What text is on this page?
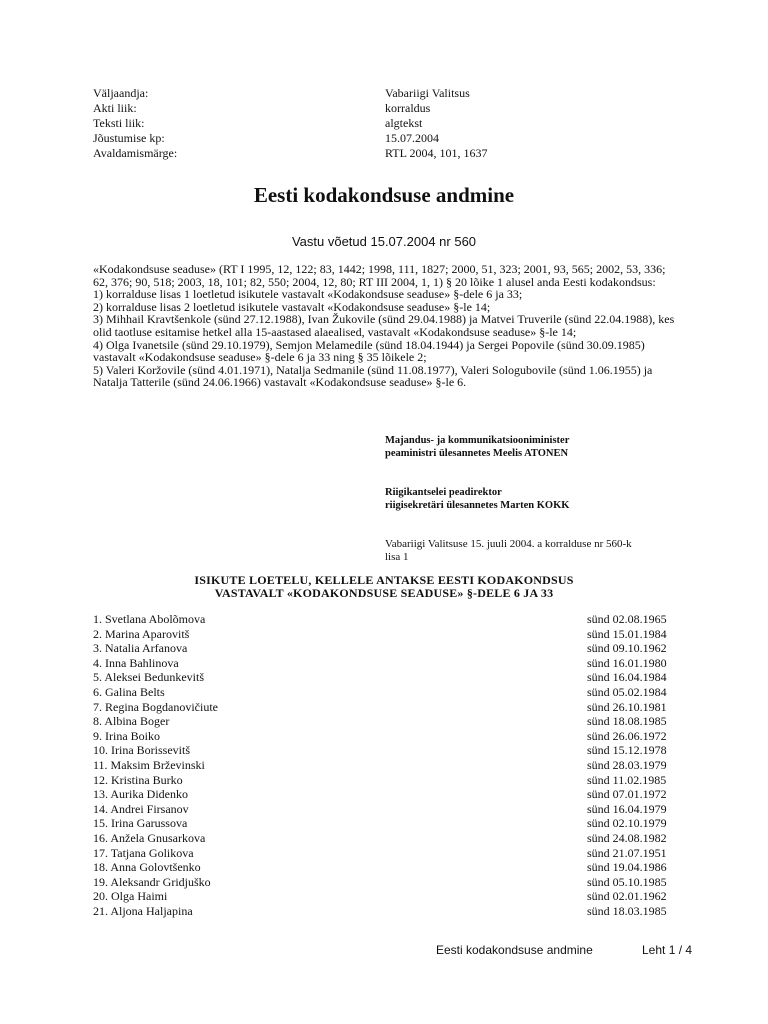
Väljaandja:	Vabariigi Valitsus
Akti liik:	korraldus
Teksti liik:	algtekst
Jõustumise kp:	15.07.2004
Avaldamismärge:	RTL 2004, 101, 1637
Eesti kodakondsuse andmine
Vastu võetud 15.07.2004 nr 560

«Kodakondsuse seaduse» (RT I 1995, 12, 122; 83, 1442; 1998, 111, 1827; 2000, 51, 323; 2001, 93, 565; 2002, 53, 336; 62, 376; 90, 518; 2003, 18, 101; 82, 550; 2004, 12, 80; RT III 2004, 1, 1) § 20 lõike 1 alusel anda Eesti kodakondsus:
1) korralduse lisas 1 loetletud isikutele vastavalt «Kodakondsuse seaduse» §-dele 6 ja 33;
2) korralduse lisas 2 loetletud isikutele vastavalt «Kodakondsuse seaduse» §-le 14;
3) Mihhail Kravtšenkole (sünd 27.12.1988), Ivan Žukovile (sünd 29.04.1988) ja Matvei Truverile (sünd 22.04.1988), kes olid taotluse esitamise hetkel alla 15-aastased alaealised, vastavalt «Kodakondsuse seaduse» §-le 14;
4) Olga Ivanetsile (sünd 29.10.1979), Semjon Melamedile (sünd 18.04.1944) ja Sergei Popovile (sünd 30.09.1985) vastavalt «Kodakondsuse seaduse» §-dele 6 ja 33 ning § 35 lõikele 2;
5) Valeri Koržovile (sünd 4.01.1971), Natalja Sedmanile (sünd 11.08.1977), Valeri Sologubovile (sünd 1.06.1955) ja Natalja Tatterile (sünd 24.06.1966) vastavalt «Kodakondsuse seaduse» §-le 6.

Majandus- ja kommunikatsiooniminister
peaministri ülesannetes Meelis ATONEN
Riigikantselei peadirektor
riigisekretäri ülesannetes Marten KOKK
Vabariigi Valitsuse 15. juuli 2004. a korralduse nr 560-k
lisa 1
ISIKUTE LOETELU, KELLELE ANTAKSE EESTI KODAKONDSUS
VASTAVALT «KODAKONDSUSE SEADUSE» §-DELE 6 JA 33
1. Svetlana Abolõmova	sünd 02.08.1965
2. Marina Aparovitš	sünd 15.01.1984
3. Natalia Arfanova	sünd 09.10.1962
4. Inna Bahlinova	sünd 16.01.1980
5. Aleksei Bedunkevitš	sünd 16.04.1984
6. Galina Belts	sünd 05.02.1984
7. Regina Bogdanovičiute	sünd 26.10.1981
8. Albina Boger	sünd 18.08.1985
9. Irina Boiko	sünd 26.06.1972
10. Irina Borissevitš	sünd 15.12.1978
11. Maksim Brževinski	sünd 28.03.1979
12. Kristina Burko	sünd 11.02.1985
13. Aurika Didenko	sünd 07.01.1972
14. Andrei Firsanov	sünd 16.04.1979
15. Irina Garussova	sünd 02.10.1979
16. Anžela Gnusarkova	sünd 24.08.1982
17. Tatjana Golikova	sünd 21.07.1951
18. Anna Golovtšenko	sünd 19.04.1986
19. Aleksandr Gridjuško	sünd 05.10.1985
20. Olga Haimi	sünd 02.01.1962
21. Aljona Haljapina	sünd 18.03.1985
Eesti kodakondsuse andmine	Leht 1 / 4
